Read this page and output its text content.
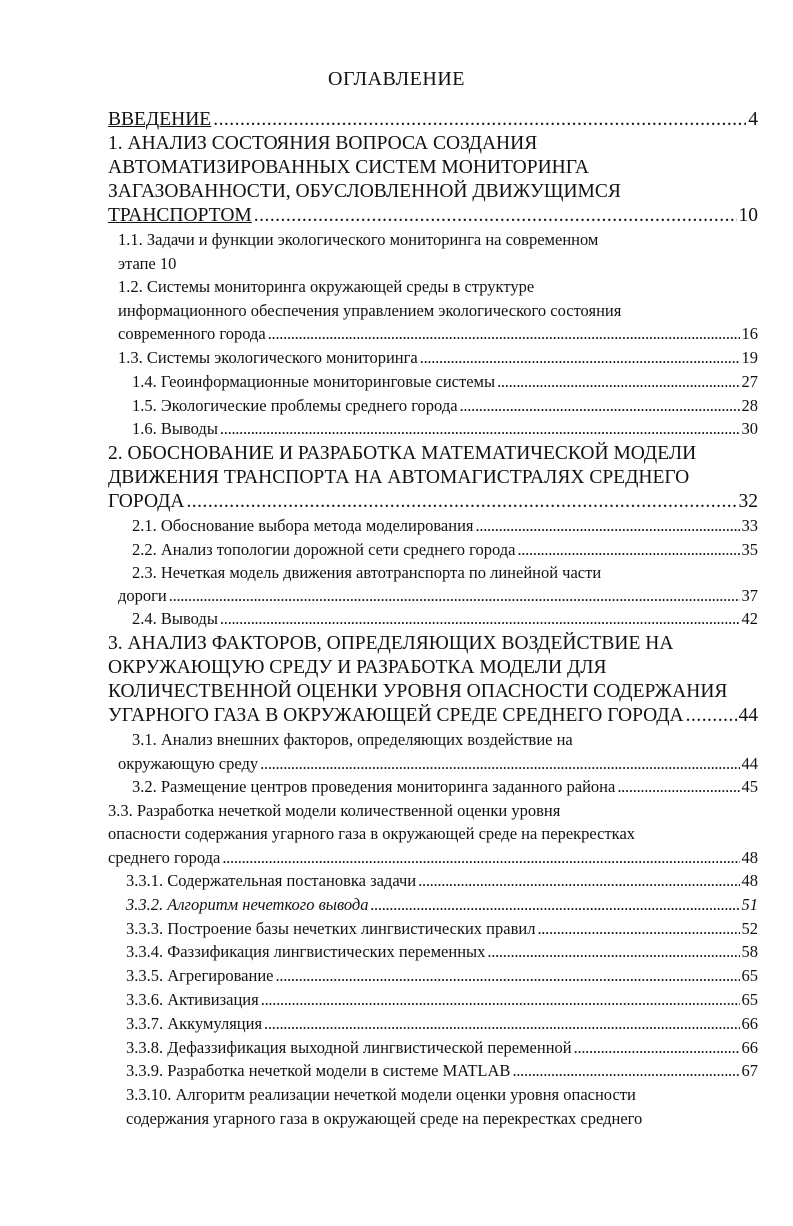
ОГЛАВЛЕНИЕ
ВВЕДЕНИЕ . . .	4
1. АНАЛИЗ СОСТОЯНИЯ ВОПРОСА СОЗДАНИЯ
АВТОМАТИЗИРОВАННЫХ СИСТЕМ МОНИТОРИНГА
ЗАГАЗОВАННОСТИ, ОБУСЛОВЛЕННОЙ ДВИЖУЩИМСЯ
ТРАНСПОРТОМ . . .	10
1.1. Задачи и функции экологического мониторинга на современном
этапе 10
1.2. Системы мониторинга окружающей среды в структуре
информационного обеспечения управлением экологического состояния
современного города . . .	16
1.3. Системы экологического мониторинга . . .	19
1.4. Геоинформационные мониторинговые системы . . .	27
1.5. Экологические проблемы среднего города . . .	28
1.6. Выводы . . .	30
2. ОБОСНОВАНИЕ И РАЗРАБОТКА МАТЕМАТИЧЕСКОЙ МОДЕЛИ
ДВИЖЕНИЯ ТРАНСПОРТА НА АВТОМАГИСТРАЛЯХ СРЕДНЕГО
ГОРОДА . . .	32
2.1. Обоснование выбора метода моделирования . . .	33
2.2. Анализ топологии дорожной сети среднего города . . .	35
2.3. Нечеткая модель движения автотранспорта по линейной части
дороги . . .	37
2.4. Выводы . . .	42
3. АНАЛИЗ ФАКТОРОВ, ОПРЕДЕЛЯЮЩИХ ВОЗДЕЙСТВИЕ НА
ОКРУЖАЮЩУЮ СРЕДУ И РАЗРАБОТКА МОДЕЛИ ДЛЯ
КОЛИЧЕСТВЕННОЙ ОЦЕНКИ УРОВНЯ ОПАСНОСТИ СОДЕРЖАНИЯ
УГАРНОГО ГАЗА В ОКРУЖАЮЩЕЙ СРЕДЕ СРЕДНЕГО ГОРОДА . . .	44
3.1. Анализ внешних факторов, определяющих воздействие на
окружающую среду . . .	44
3.2. Размещение центров проведения мониторинга заданного района . . .	45
3.3. Разработка нечеткой модели количественной оценки уровня
опасности содержания угарного газа в окружающей среде на перекрестках
среднего города . . .	48
3.3.1. Содержательная постановка задачи . . .	48
3.3.2. Алгоритм нечеткого вывода . . .	51
3.3.3. Построение базы нечетких лингвистических правил . . .	52
3.3.4. Фаззификация лингвистических переменных . . .	58
3.3.5. Агрегирование . . .	65
3.3.6. Активизация . . .	65
3.3.7. Аккумуляция . . .	66
3.3.8. Дефаззификация выходной лингвистической переменной . . .	66
3.3.9. Разработка нечеткой модели в системе MATLAB . . .	67
3.3.10. Алгоритм реализации нечеткой модели оценки уровня опасности
содержания угарного газа в окружающей среде на перекрестках среднего
